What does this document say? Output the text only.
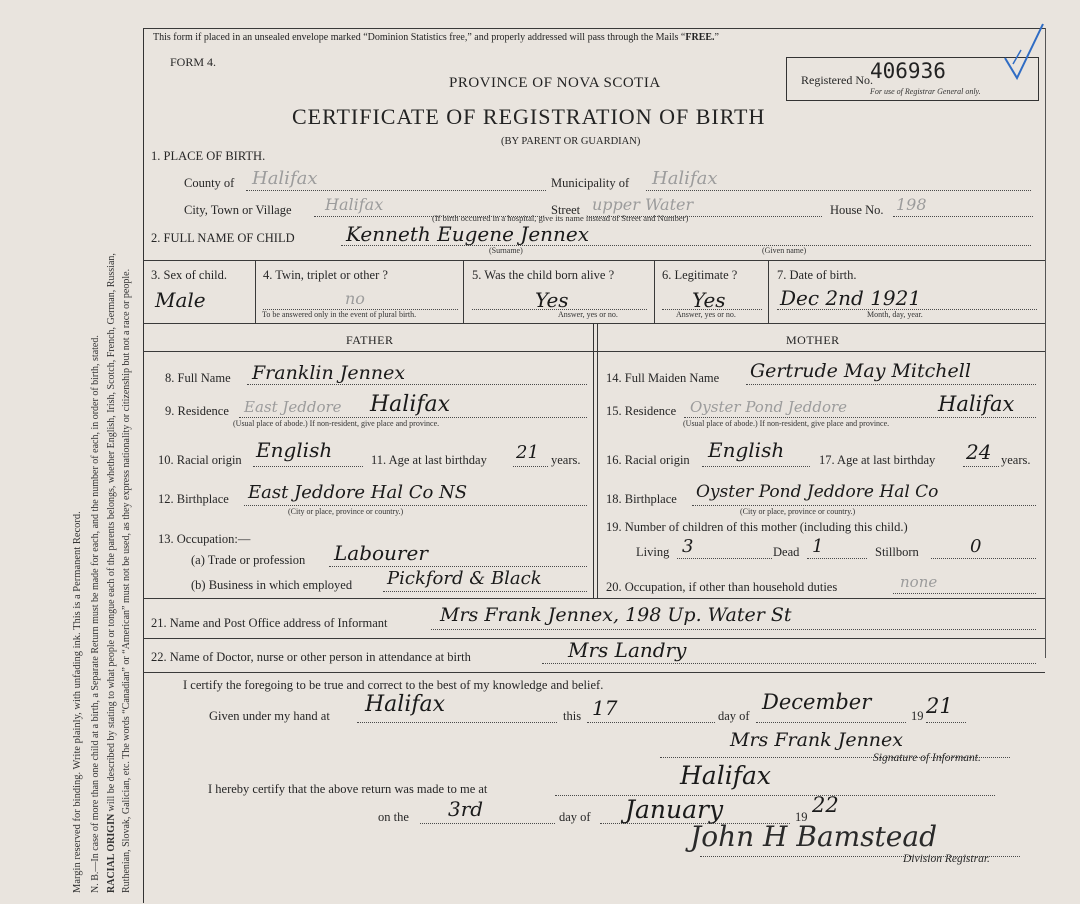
Margin reserved for binding. Write plainly, with unfading ink. This is a Permanent Record. N. B.—In case of more than one child at a birth, a Separate Return must be made for each, and the number of each, in order of birth, stated. RACIAL ORIGIN will be described by stating to what people or tongue each of the parents belongs, whether English, Irish, Scotch, French, German, Russian, Ruthenian, Slovak, Galician, etc. The words “Canadian” or “American” must not be used, as they express nationality or citizenship but not a race or people.
This form if placed in an unsealed envelope marked “Dominion Statistics free,” and properly addressed will pass through the Mails “FREE.”
FORM 4.
PROVINCE OF NOVA SCOTIA
CERTIFICATE OF REGISTRATION OF BIRTH
(BY PARENT OR GUARDIAN)
Registered No.
406936
For use of Registrar General only.
1. PLACE OF BIRTH.
County of Halifax	Municipality of Halifax
City, Town or Village Halifax	Street upper Water
(If birth occurred in a hospital, give its name instead of Street and Number)
House No. 198
2. FULL NAME OF CHILD	Kenneth Eugene Jennex
(Surname)	(Given name)
3. Sex of child.
Male
4. Twin, triplet or other ?
no
To be answered only in the event of plural birth.
5. Was the child born alive ?
Yes
Answer, yes or no.
6. Legitimate ?
Yes
Answer, yes or no.
7. Date of birth.
Dec 2nd 1921
Month, day, year.
FATHER	MOTHER
8. Full Name Franklin Jennex
9. Residence East Jeddore Halifax
(Usual place of abode.) If non-resident, give place and province.
10. Racial origin English	11. Age at last birthday 21 years.
12. Birthplace East Jeddore Hal Co NS
(City or place, province or country.)
13. Occupation:—
(a) Trade or profession Labourer
(b) Business in which employed Pickford & Black
14. Full Maiden Name Gertrude May Mitchell
15. Residence Oyster Pond Jeddore	Halifax
(Usual place of abode.) If non-resident, give place and province.
16. Racial origin English	17. Age at last birthday 24 years.
18. Birthplace Oyster Pond Jeddore Hal Co
(City or place, province or country.)
19. Number of children of this mother (including this child.)
Living 3	Dead 1	Stillborn	0
20. Occupation, if other than household duties	none
21. Name and Post Office address of Informant	Mrs Frank Jennex, 198 Up. Water St
22. Name of Doctor, nurse or other person in attendance at birth	Mrs Landry
I certify the foregoing to be true and correct to the best of my knowledge and belief.
Given under my hand at Halifax	this 17	day of
December
19 21
Mrs Frank Jennex
Signature of Informant.
I hereby certify that the above return was made to me at	Halifax
on the 3rd	day of January	19 22
John H Bamstead
Division Registrar.
